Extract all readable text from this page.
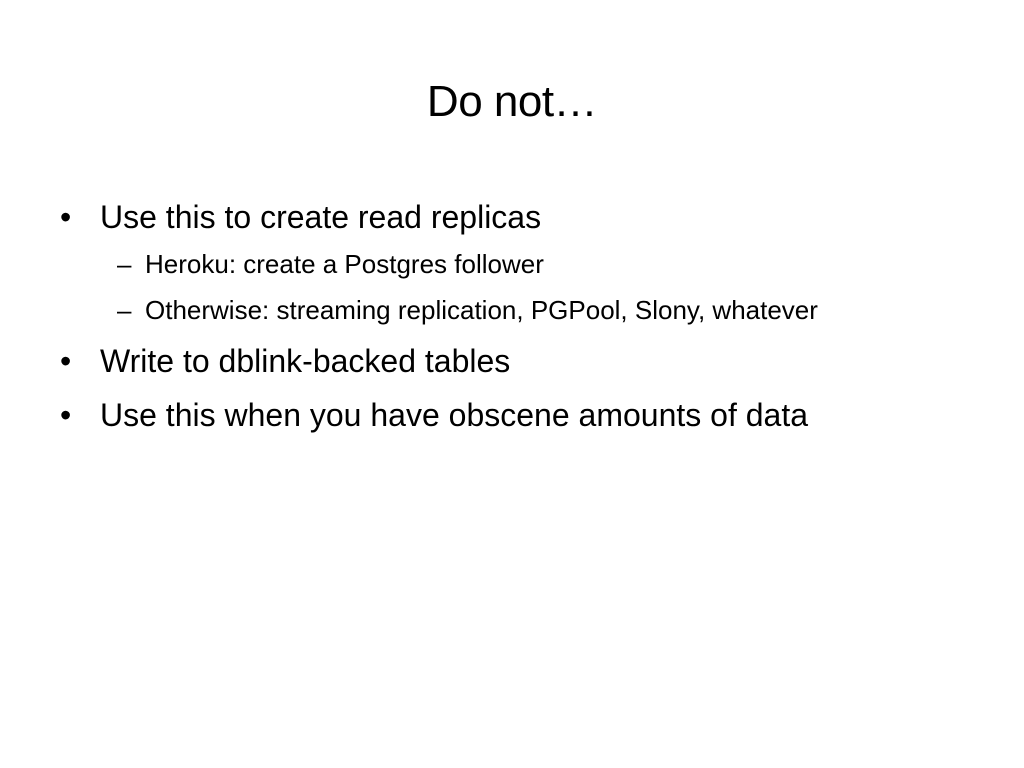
Do not…
• Use this to create read replicas
– Heroku: create a Postgres follower
– Otherwise: streaming replication, PGPool, Slony, whatever
• Write to dblink-backed tables
• Use this when you have obscene amounts of data
